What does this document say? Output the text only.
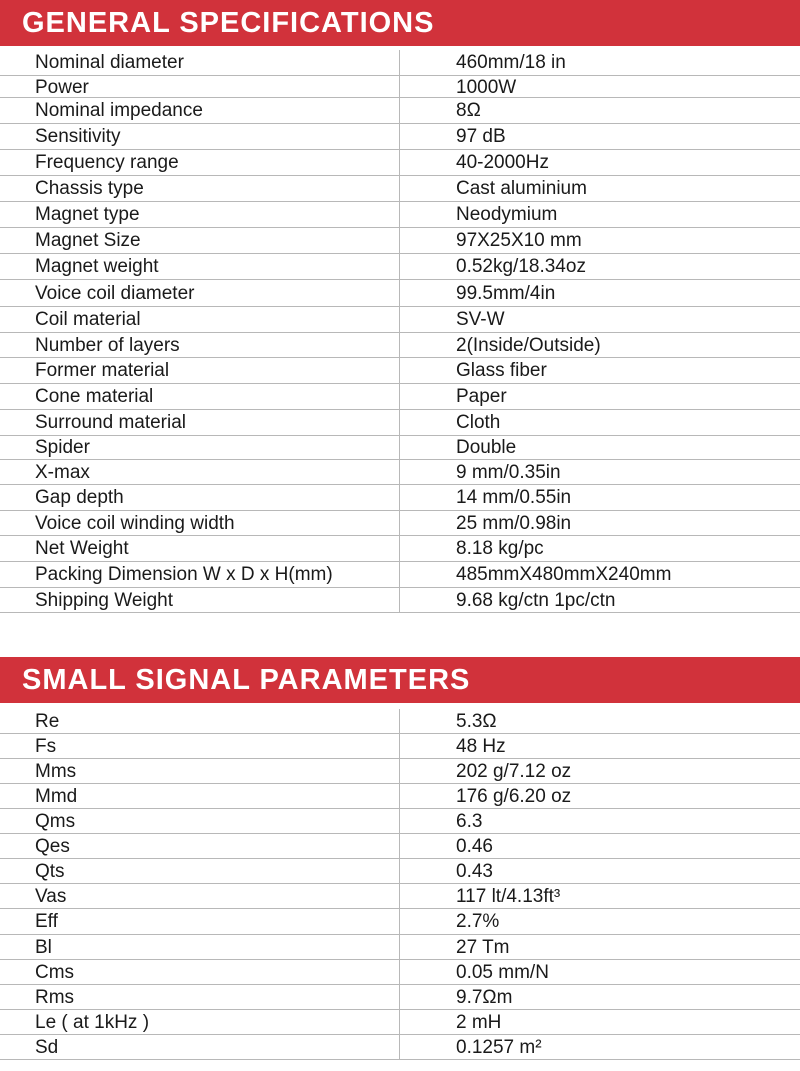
GENERAL SPECIFICATIONS
Nominal diameter	460mm/18 in
Power	1000W
Nominal impedance	8Ω
Sensitivity	97 dB
Frequency range	40-2000Hz
Chassis type	Cast aluminium
Magnet type	Neodymium
Magnet Size	97X25X10 mm
Magnet weight	0.52kg/18.34oz
Voice coil diameter	99.5mm/4in
Coil material	SV-W
Number of layers	2(Inside/Outside)
Former material	Glass fiber
Cone material	Paper
Surround material	Cloth
Spider	Double
X-max	9 mm/0.35in
Gap depth	14 mm/0.55in
Voice coil winding width	25 mm/0.98in
Net Weight	8.18 kg/pc
Packing Dimension W x D x H(mm)	485mmX480mmX240mm
Shipping Weight	9.68 kg/ctn 1pc/ctn
SMALL SIGNAL PARAMETERS
Re	5.3Ω
Fs	48 Hz
Mms	202 g/7.12 oz
Mmd	176 g/6.20 oz
Qms	6.3
Qes	0.46
Qts	0.43
Vas	117 lt/4.13ft³
Eff	2.7%
Bl	27 Tm
Cms	0.05 mm/N
Rms	9.7Ωm
Le ( at 1kHz )	2 mH
Sd	0.1257 m²
